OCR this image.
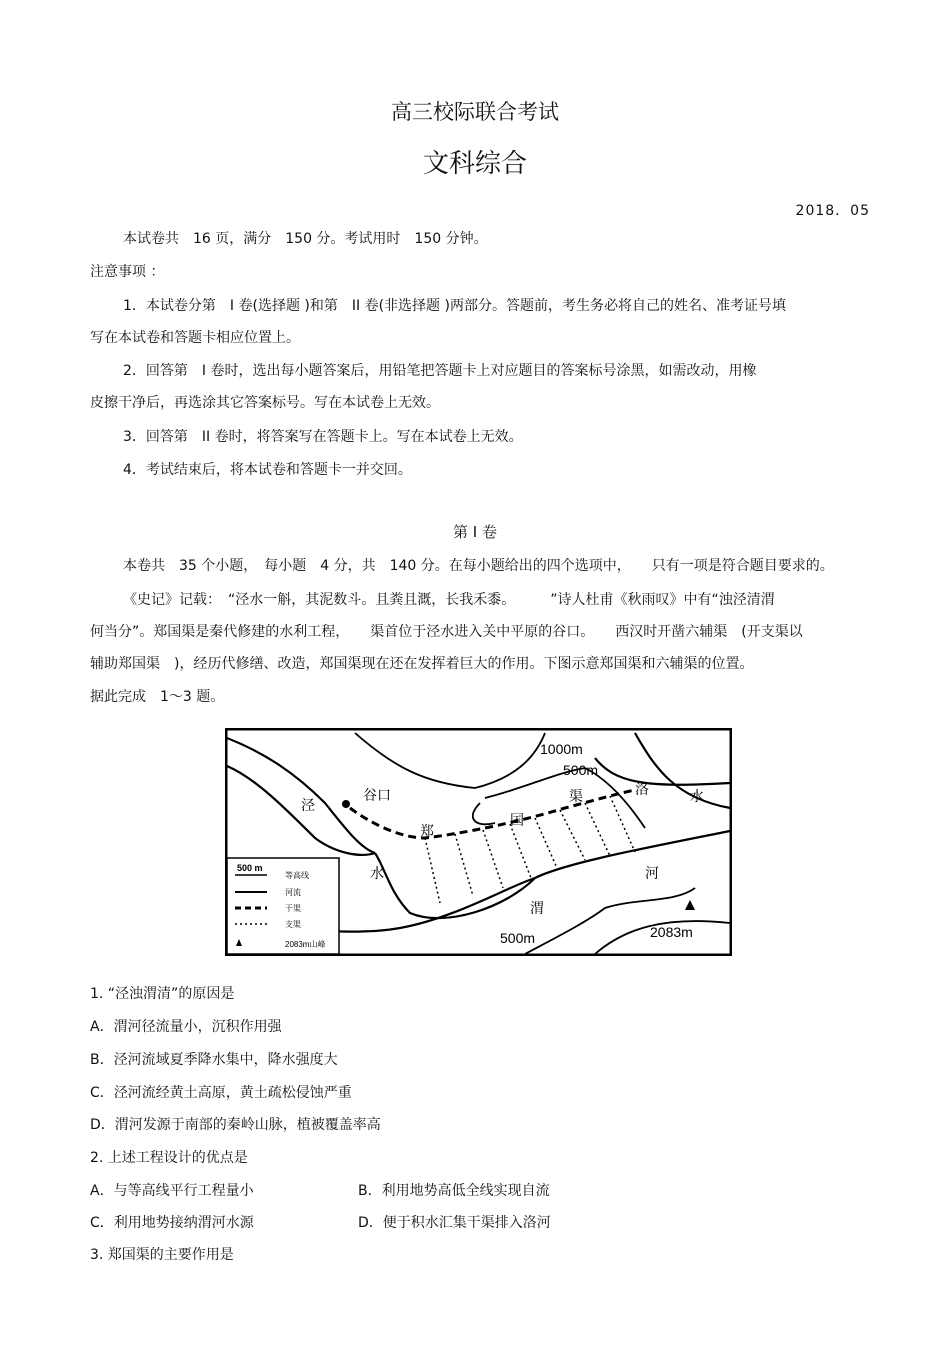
高三校际联合考试
文科综合
2018．05
本试卷共　16 页，满分　150 分。考试用时　150 分钟。
注意事项 ：
1．本试卷分第　I 卷(选择题 )和第　II 卷(非选择题 )两部分。答题前，考生务必将自己的姓名、准考证号填
写在本试卷和答题卡相应位置上。
2．回答第　I 卷时，选出每小题答案后，用铅笔把答题卡上对应题目的答案标号涂黑，如需改动，用橡
皮擦干净后，再选涂其它答案标号。写在本试卷上无效。
3．回答第　II 卷时，将答案写在答题卡上。写在本试卷上无效。
4．考试结束后，将本试卷和答题卡一并交回。
第 I 卷
本卷共　35 个小题，　每小题　4 分，共　140 分。在每小题给出的四个选项中，　　只有一项是符合题目要求的。
《史记》记载：　“泾水一斛，其泥数斗。且粪且溉，长我禾黍。　　　”诗人杜甫《秋雨叹》中有“浊泾清渭
何当分”。郑国渠是秦代修建的水利工程，　　渠首位于泾水进入关中平原的谷口。　　西汉时开凿六辅渠　(开支渠以
辅助郑国渠　)，经历代修缮、改造，郑国渠现在还在发挥着巨大的作用。下图示意郑国渠和六辅渠的位置。
据此完成　1～3 题。
1000m
500m
500m	2083m
谷口
泾
水
郑
国
渠	洛	水
渭
河
500 m
等高线
河流
干渠
支渠
2083m山峰
1. “泾浊渭清”的原因是
A．渭河径流量小，沉积作用强
B．泾河流域夏季降水集中，降水强度大
C．泾河流经黄土高原，黄土疏松侵蚀严重
D．渭河发源于南部的秦岭山脉，植被覆盖率高
2. 上述工程设计的优点是
A．与等高线平行工程量小	B．利用地势高低全线实现自流
C．利用地势接纳渭河水源	D．便于积水汇集干渠排入洛河
3. 郑国渠的主要作用是
